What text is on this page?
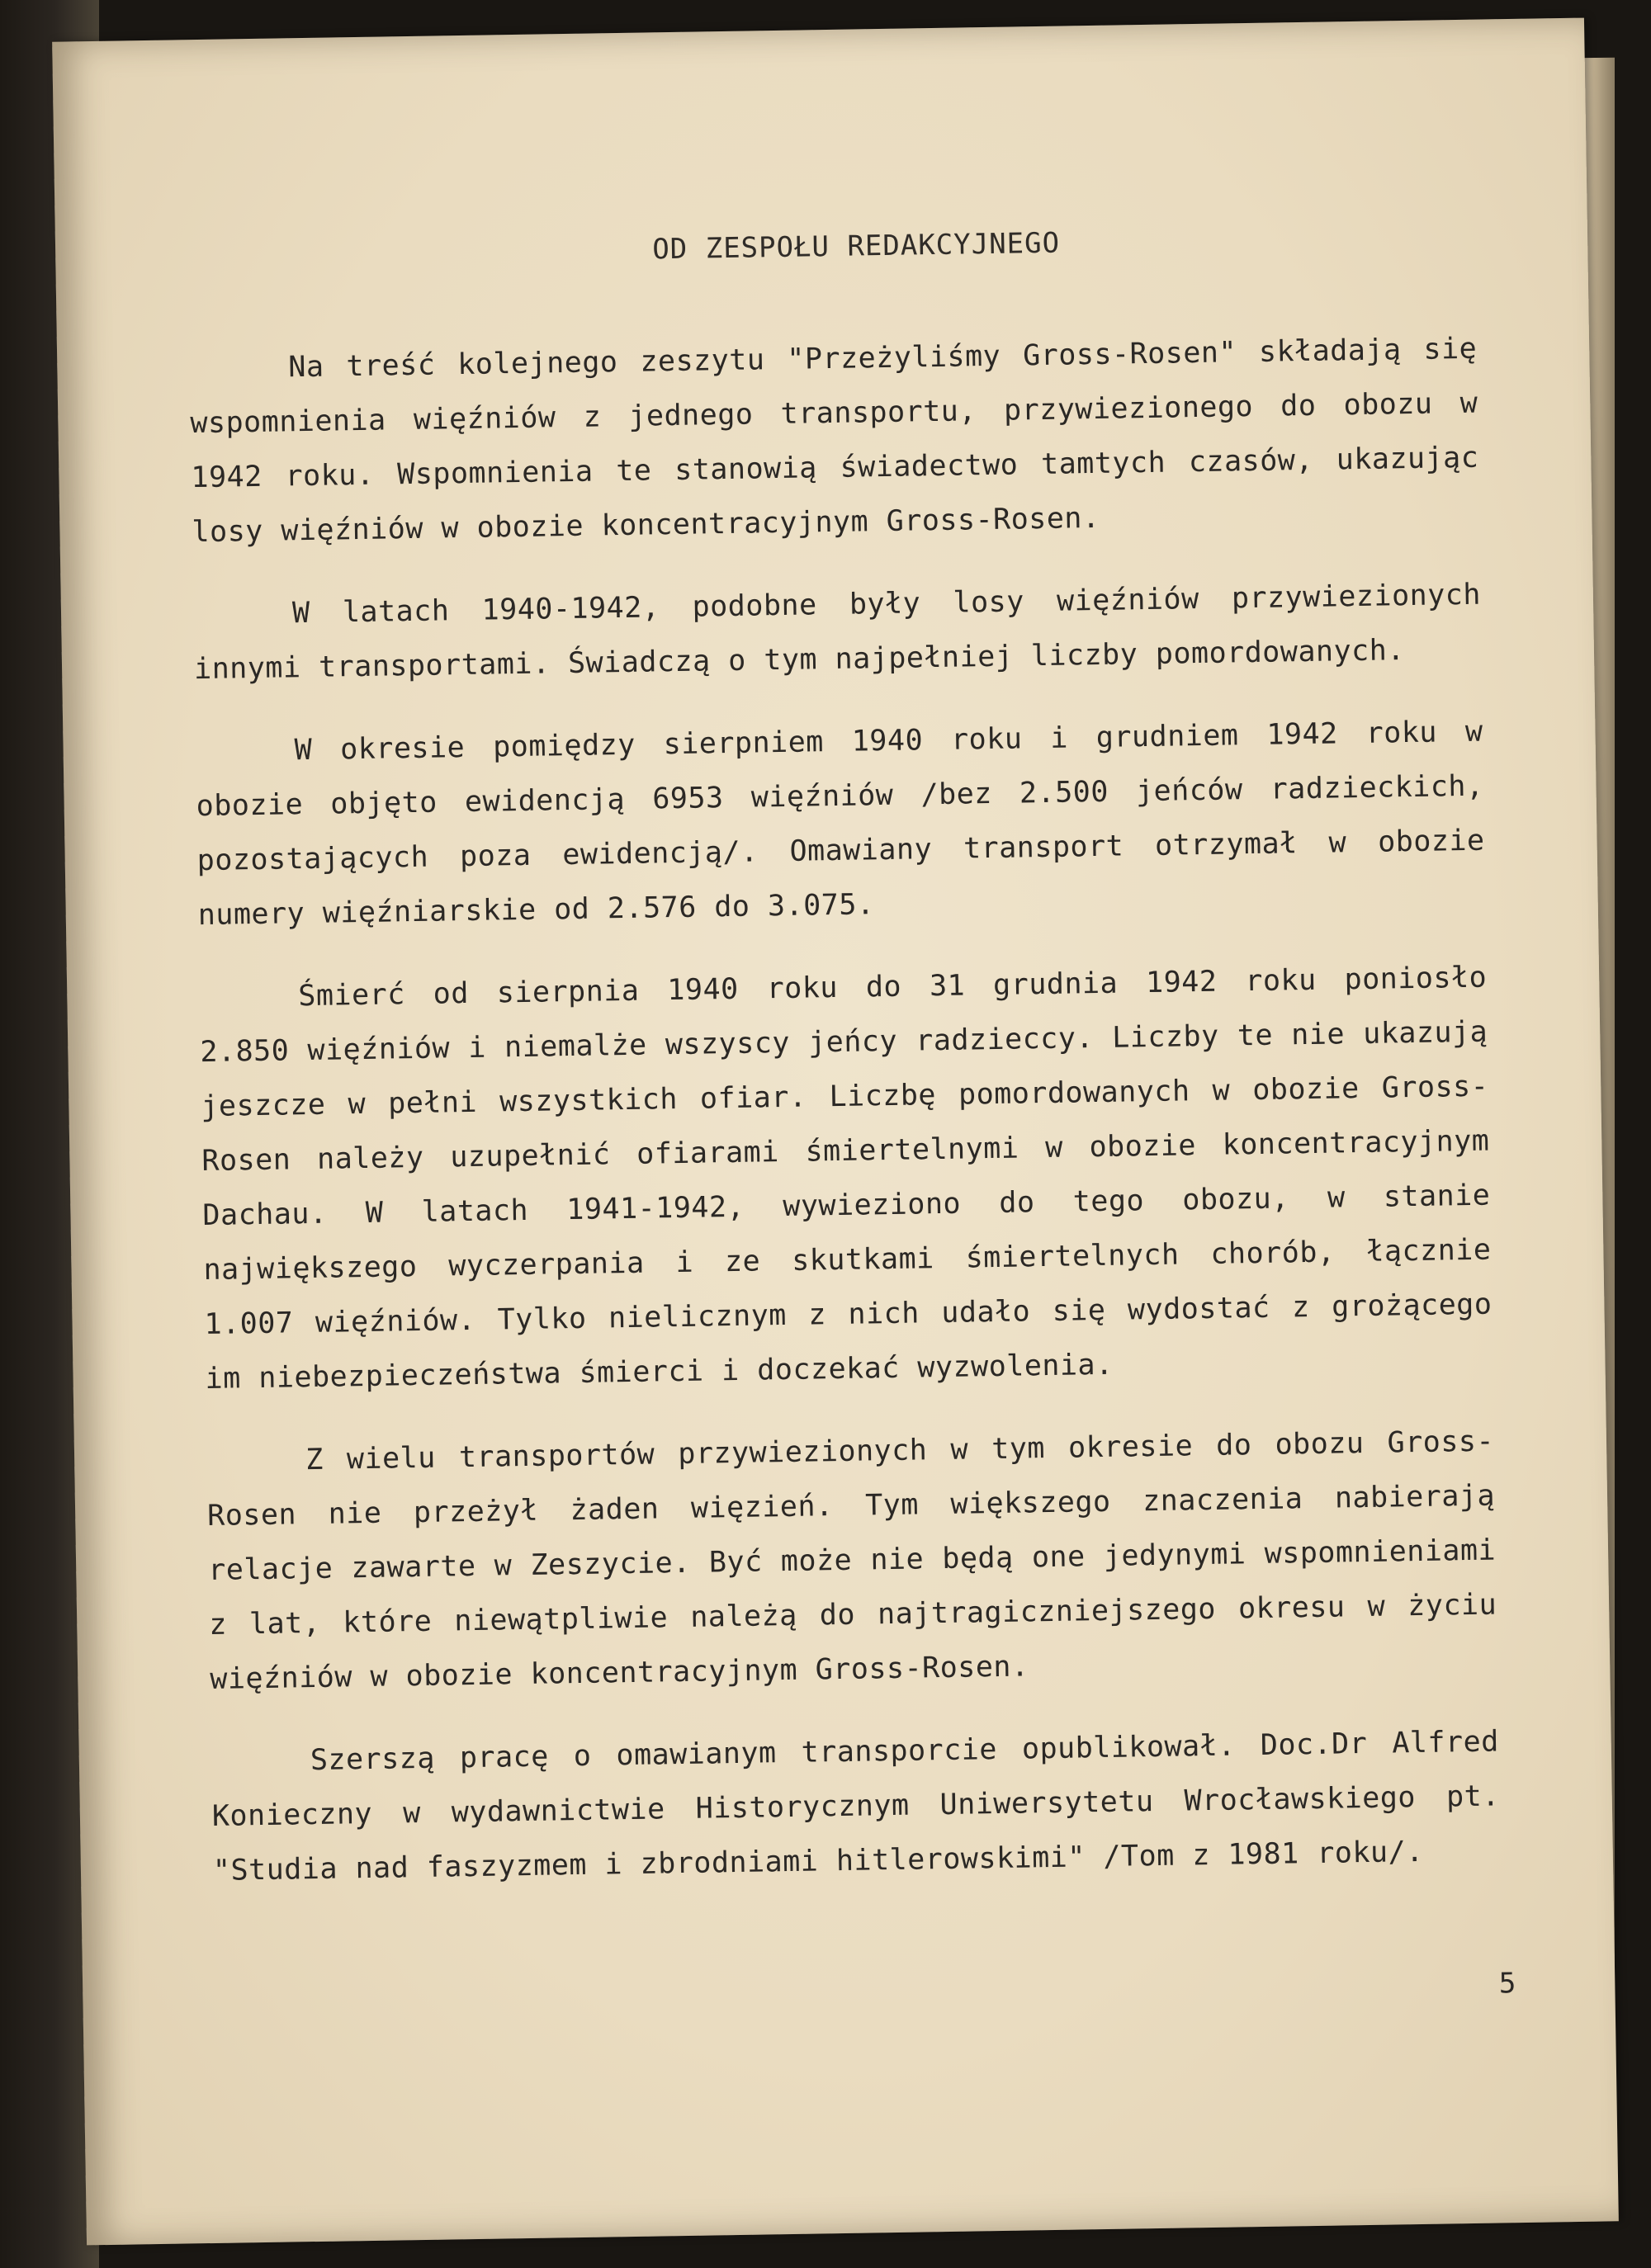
OD ZESPOŁU REDAKCYJNEGO

Na treść kolejnego zeszytu "Przeżyliśmy Gross-Rosen" składają się wspomnienia więźniów z jednego transportu, przywiezionego do obozu w 1942 roku. Wspomnienia te stanowią świadectwo tamtych czasów, ukazując losy więźniów w obozie koncentracyjnym Gross-Rosen.

W latach 1940-1942, podobne były losy więźniów przywiezionych innymi transportami. Świadczą o tym najpełniej liczby pomordowanych.

W okresie pomiędzy sierpniem 1940 roku i grudniem 1942 roku w obozie objęto ewidencją 6953 więźniów /bez 2.500 jeńców radzieckich, pozostających poza ewidencją/. Omawiany transport otrzymał w obozie numery więźniarskie od 2.576 do 3.075.

Śmierć od sierpnia 1940 roku do 31 grudnia 1942 roku poniosło 2.850 więźniów i niemalże wszyscy jeńcy radzieccy. Liczby te nie ukazują jeszcze w pełni wszystkich ofiar. Liczbę pomordowanych w obozie Gross-Rosen należy uzupełnić ofiarami śmiertelnymi w obozie koncentracyjnym Dachau. W latach 1941-1942, wywieziono do tego obozu, w stanie największego wyczerpania i ze skutkami śmiertelnych chorób, łącznie 1.007 więźniów. Tylko nielicznym z nich udało się wydostać z grożącego im niebezpieczeństwa śmierci i doczekać wyzwolenia.

Z wielu transportów przywiezionych w tym okresie do obozu Gross-Rosen nie przeżył żaden więzień. Tym większego znaczenia nabierają relacje zawarte w Zeszycie. Być może nie będą one jedynymi wspomnieniami z lat, które niewątpliwie należą do najtragiczniejszego okresu w życiu więźniów w obozie koncentracyjnym Gross-Rosen.

Szerszą pracę o omawianym transporcie opublikował. Doc.Dr Alfred Konieczny w wydawnictwie Historycznym Uniwersytetu Wrocławskiego pt. "Studia nad faszyzmem i zbrodniami hitlerowskimi" /Tom z 1981 roku/.

5
